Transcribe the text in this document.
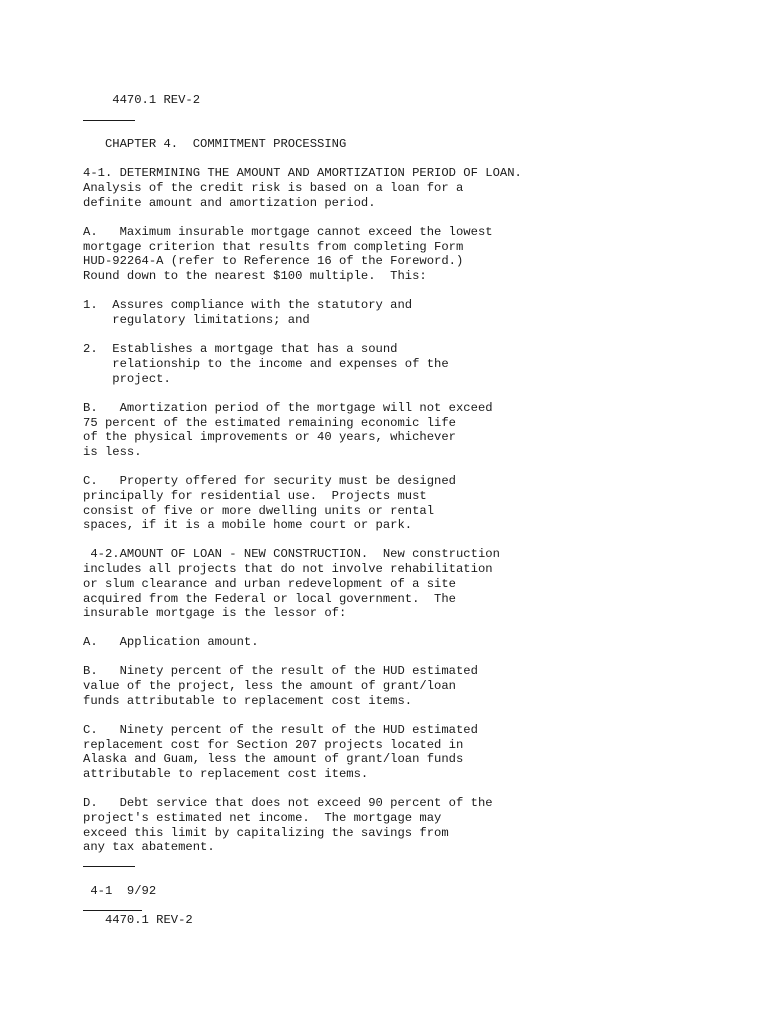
4470.1 REV-2

CHAPTER 4.  COMMITMENT PROCESSING

4-1. DETERMINING THE AMOUNT AND AMORTIZATION PERIOD OF LOAN.

Analysis of the credit risk is based on a loan for a

definite amount and amortization period.

A.   Maximum insurable mortgage cannot exceed the lowest

mortgage criterion that results from completing Form

HUD-92264-A (refer to Reference 16 of the Foreword.)

Round down to the nearest $100 multiple.  This:

1.  Assures compliance with the statutory and

regulatory limitations; and

2.  Establishes a mortgage that has a sound

relationship to the income and expenses of the

project.

B.   Amortization period of the mortgage will not exceed

75 percent of the estimated remaining economic life

of the physical improvements or 40 years, whichever

is less.

C.   Property offered for security must be designed

principally for residential use.  Projects must

consist of five or more dwelling units or rental

spaces, if it is a mobile home court or park.

4-2.AMOUNT OF LOAN - NEW CONSTRUCTION.  New construction

includes all projects that do not involve rehabilitation

or slum clearance and urban redevelopment of a site

acquired from the Federal or local government.  The

insurable mortgage is the lessor of:

A.   Application amount.

B.   Ninety percent of the result of the HUD estimated

value of the project, less the amount of grant/loan

funds attributable to replacement cost items.

C.   Ninety percent of the result of the HUD estimated

replacement cost for Section 207 projects located in

Alaska and Guam, less the amount of grant/loan funds

attributable to replacement cost items.

D.   Debt service that does not exceed 90 percent of the

project's estimated net income.  The mortgage may

exceed this limit by capitalizing the savings from

any tax abatement.

4-1  9/92

4470.1 REV-2
